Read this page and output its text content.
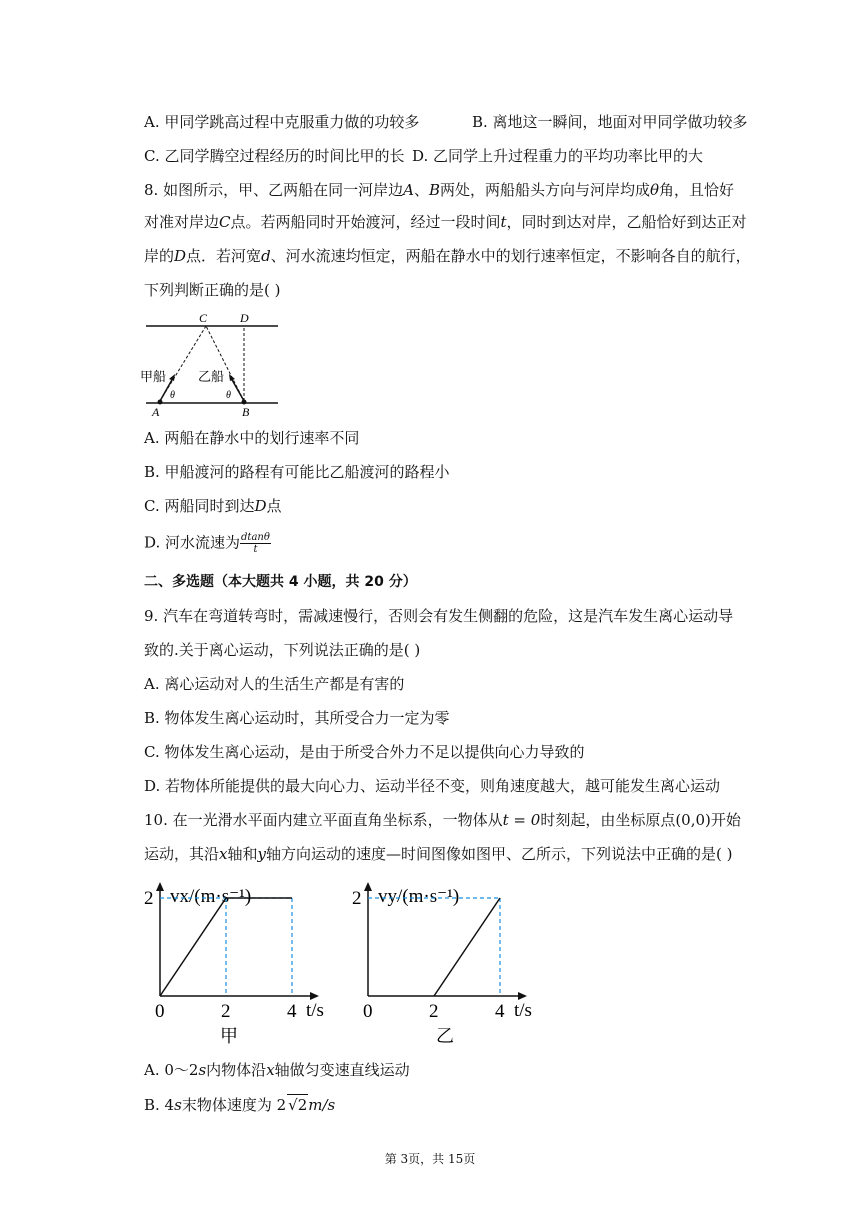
A. 甲同学跳高过程中克服重力做的功较多	B. 离地这一瞬间，地面对甲同学做功较多
C. 乙同学腾空过程经历的时间比甲的长 D. 乙同学上升过程重力的平均功率比甲的大
8. 如图所示，甲、乙两船在同一河岸边A、B两处，两船船头方向与河岸均成θ角，且恰好
对准对岸边C点。若两船同时开始渡河，经过一段时间t，同时到达对岸，乙船恰好到达正对
岸的D点．若河宽d、河水流速均恒定，两船在静水中的划行速率恒定，不影响各自的航行，
下列判断正确的是( )
C	D
A	B
甲船 乙船
θ	θ
A. 两船在静水中的划行速率不同
B. 甲船渡河的路程有可能比乙船渡河的路程小
C. 两船同时到达D点
D. 河水流速为 $\frac{dtan\theta}{t}$
二、多选题（本大题共 4 小题，共 20 分）
9. 汽车在弯道转弯时，需减速慢行，否则会有发生侧翻的危险，这是汽车发生离心运动导
致的.关于离心运动，下列说法正确的是( )
A. 离心运动对人的生活生产都是有害的
B. 物体发生离心运动时，其所受合力一定为零
C. 物体发生离心运动，是由于所受合外力不足以提供向心力导致的
D. 若物体所能提供的最大向心力、运动半径不变，则角速度越大，越可能发生离心运动
10. 在一光滑水平面内建立平面直角坐标系，一物体从t = 0时刻起，由坐标原点(0,0)开始
运动，其沿x轴和y轴方向运动的速度—时间图像如图甲、乙所示，下列说法中正确的是( )
vx/(m·s⁻¹)
t/s
甲
0	2	4
2	vy/(m·s⁻¹)
t/s
乙
0	2	4
2
A. 0～2s内物体沿x轴做匀变速直线运动
B. 4s末物体速度为 2 √2m/s
第 3页，共 15页
